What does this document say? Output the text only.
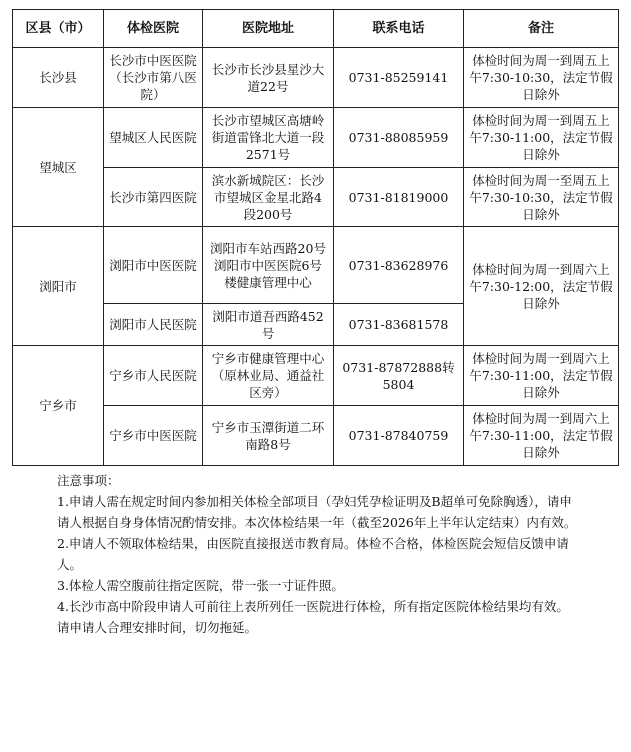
区县（市）	体检医院	医院地址	联系电话	备注
长沙县	长沙市中医医院（长沙市第八医院）	长沙市长沙县星沙大道22号	0731-85259141	体检时间为周一到周五上午7:30-10:30，法定节假日除外
望城区	望城区人民医院	长沙市望城区高塘岭街道雷锋北大道一段2571号	0731-88085959	体检时间为周一到周五上午7:30-11:00，法定节假日除外
	长沙市第四医院	滨水新城院区：长沙市望城区金星北路4段200号	0731-81819000	体检时间为周一至周五上午7:30-10:30，法定节假日除外
浏阳市	浏阳市中医医院	浏阳市车站西路20号浏阳市中医医院6号楼健康管理中心	0731-83628976	体检时间为周一到周六上午7:30-12:00，法定节假日除外
	浏阳市人民医院	浏阳市道吾西路452号	0731-83681578	
宁乡市	宁乡市人民医院	宁乡市健康管理中心（原林业局、通益社区旁）	0731-87872888转5804	体检时间为周一到周六上午7:30-11:00，法定节假日除外
	宁乡市中医医院	宁乡市玉潭街道二环南路8号	0731-87840759	体检时间为周一到周六上午7:30-11:00，法定节假日除外

注意事项：

1.申请人需在规定时间内参加相关体检全部项目（孕妇凭孕检证明及B超单可免除胸透），请申请人根据自身身体情况酌情安排。本次体检结果一年（截至2026年上半年认定结束）内有效。

2.申请人不领取体检结果，由医院直接报送市教育局。体检不合格，体检医院会短信反馈申请人。

3.体检人需空腹前往指定医院，带一张一寸证件照。

4.长沙市高中阶段申请人可前往上表所列任一医院进行体检，所有指定医院体检结果均有效。请申请人合理安排时间，切勿拖延。
